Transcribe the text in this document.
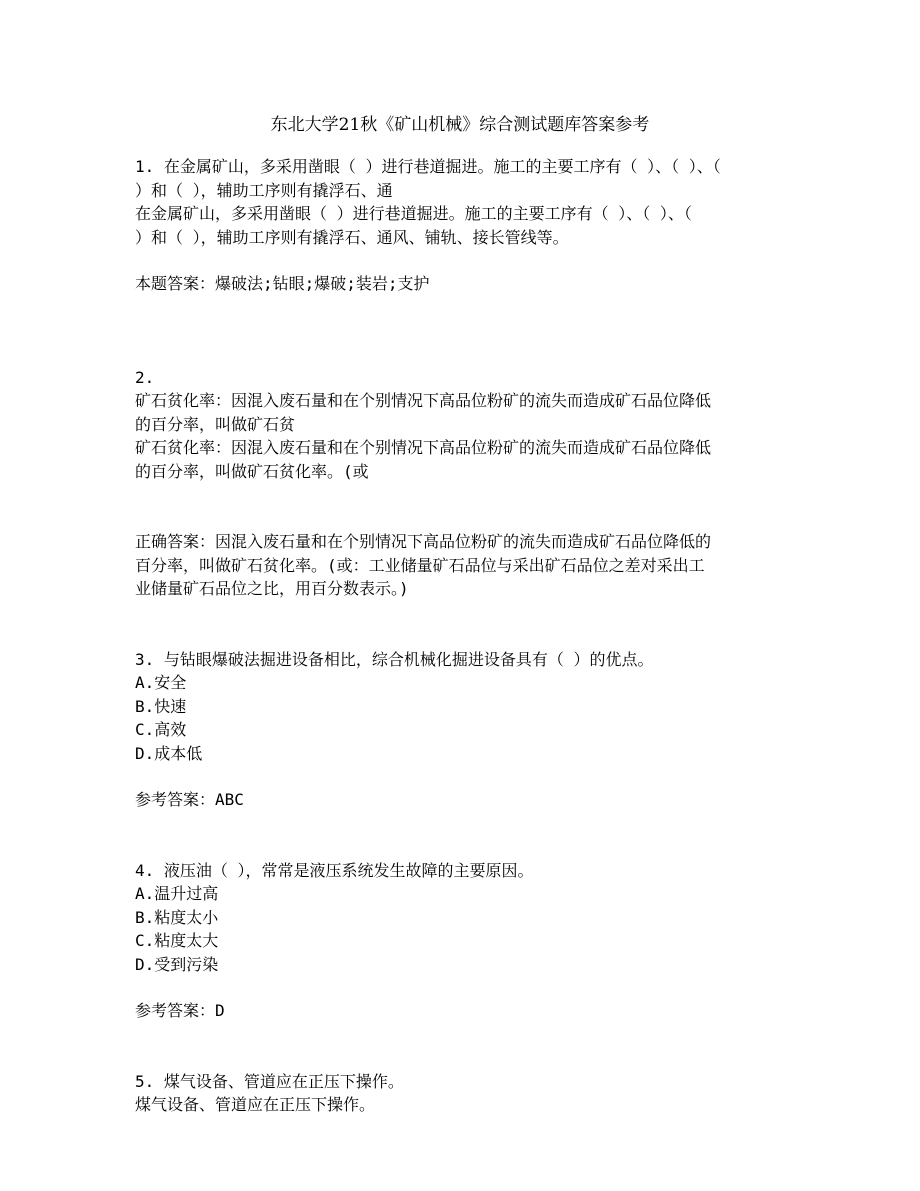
东北大学21秋《矿山机械》综合测试题库答案参考
1. 在金属矿山，多采用凿眼（ ）进行巷道掘进。施工的主要工序有（ ）、（ ）、（
）和（ ），辅助工序则有撬浮石、通
在金属矿山，多采用凿眼（ ）进行巷道掘进。施工的主要工序有（ ）、（ ）、（
）和（ ），辅助工序则有撬浮石、通风、铺轨、接长管线等。
本题答案：爆破法;钻眼;爆破;装岩;支护
2.
矿石贫化率：因混入废石量和在个别情况下高品位粉矿的流失而造成矿石品位降低
的百分率，叫做矿石贫
矿石贫化率：因混入废石量和在个别情况下高品位粉矿的流失而造成矿石品位降低
的百分率，叫做矿石贫化率。(或
正确答案：因混入废石量和在个别情况下高品位粉矿的流失而造成矿石品位降低的
百分率，叫做矿石贫化率。(或：工业储量矿石品位与采出矿石品位之差对采出工
业储量矿石品位之比，用百分数表示。)
3. 与钻眼爆破法掘进设备相比，综合机械化掘进设备具有（ ）的优点。
A.安全
B.快速
C.高效
D.成本低
参考答案：ABC
4. 液压油（ ），常常是液压系统发生故障的主要原因。
A.温升过高
B.粘度太小
C.粘度太大
D.受到污染
参考答案：D
5. 煤气设备、管道应在正压下操作。
煤气设备、管道应在正压下操作。
